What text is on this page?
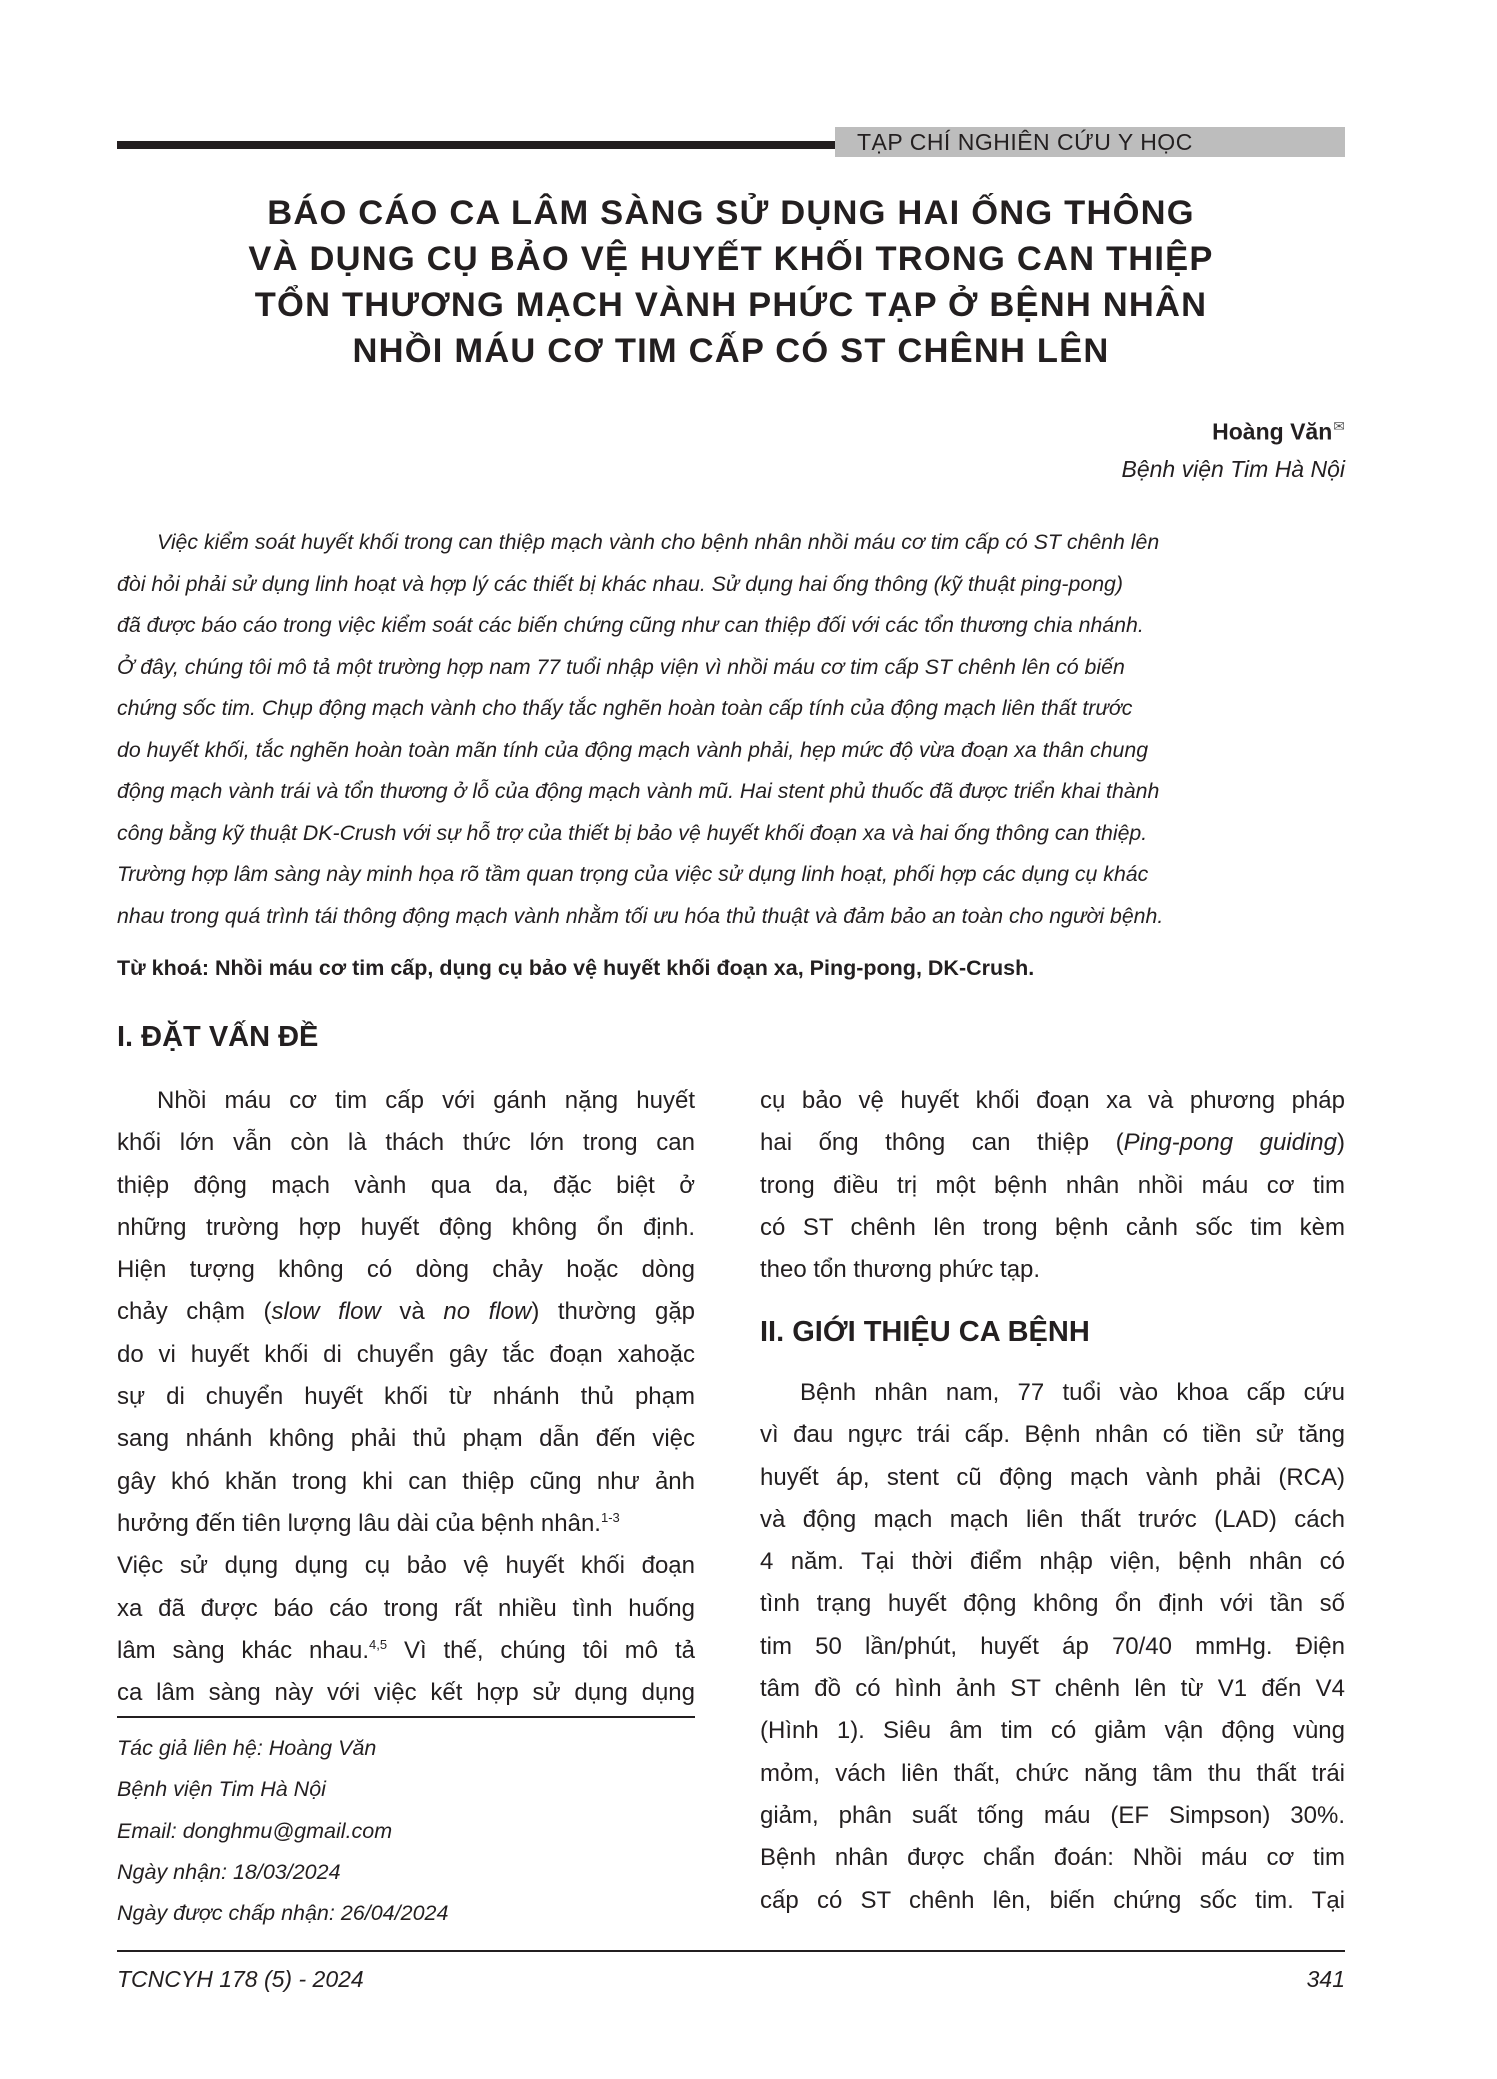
TẠP CHÍ NGHIÊN CỨU Y HỌC
BÁO CÁO CA LÂM SÀNG SỬ DỤNG HAI ỐNG THÔNG
VÀ DỤNG CỤ BẢO VỆ HUYẾT KHỐI TRONG CAN THIỆP
TỔN THƯƠNG MẠCH VÀNH PHỨC TẠP Ở BỆNH NHÂN
NHỒI MÁU CƠ TIM CẤP CÓ ST CHÊNH LÊN
Hoàng Văn✉
Bệnh viện Tim Hà Nội
Việc kiểm soát huyết khối trong can thiệp mạch vành cho bệnh nhân nhồi máu cơ tim cấp có ST chênh lên
đòi hỏi phải sử dụng linh hoạt và hợp lý các thiết bị khác nhau. Sử dụng hai ống thông (kỹ thuật ping-pong)
đã được báo cáo trong việc kiểm soát các biến chứng cũng như can thiệp đối với các tổn thương chia nhánh.
Ở đây, chúng tôi mô tả một trường hợp nam 77 tuổi nhập viện vì nhồi máu cơ tim cấp ST chênh lên có biến
chứng sốc tim. Chụp động mạch vành cho thấy tắc nghẽn hoàn toàn cấp tính của động mạch liên thất trước
do huyết khối, tắc nghẽn hoàn toàn mãn tính của động mạch vành phải, hẹp mức độ vừa đoạn xa thân chung
động mạch vành trái và tổn thương ở lỗ của động mạch vành mũ. Hai stent phủ thuốc đã được triển khai thành
công bằng kỹ thuật DK-Crush với sự hỗ trợ của thiết bị bảo vệ huyết khối đoạn xa và hai ống thông can thiệp.
Trường hợp lâm sàng này minh họa rõ tầm quan trọng của việc sử dụng linh hoạt, phối hợp các dụng cụ khác
nhau trong quá trình tái thông động mạch vành nhằm tối ưu hóa thủ thuật và đảm bảo an toàn cho người bệnh.
Từ khoá: Nhồi máu cơ tim cấp, dụng cụ bảo vệ huyết khối đoạn xa, Ping-pong, DK-Crush.
I. ĐẶT VẤN ĐỀ
Nhồi máu cơ tim cấp với gánh nặng huyết
khối lớn vẫn còn là thách thức lớn trong can
thiệp động mạch vành qua da, đặc biệt ở
những trường hợp huyết động không ổn định.
Hiện tượng không có dòng chảy hoặc dòng
chảy chậm (slow flow và no flow) thường gặp
do vi huyết khối di chuyển gây tắc đoạn xahoặc
sự di chuyển huyết khối từ nhánh thủ phạm
sang nhánh không phải thủ phạm dẫn đến việc
gây khó khăn trong khi can thiệp cũng như ảnh
hưởng đến tiên lượng lâu dài của bệnh nhân.$^{1-3}$
Việc sử dụng dụng cụ bảo vệ huyết khối đoạn
xa đã được báo cáo trong rất nhiều tình huống
lâm sàng khác nhau.$^{4,5}$ Vì thế, chúng tôi mô tả
ca lâm sàng này với việc kết hợp sử dụng dụng
Tác giả liên hệ: Hoàng Văn
Bệnh viện Tim Hà Nội
Email: donghmu@gmail.com
Ngày nhận: 18/03/2024
Ngày được chấp nhận: 26/04/2024
cụ bảo vệ huyết khối đoạn xa và phương pháp
hai ống thông can thiệp (Ping-pong guiding)
trong điều trị một bệnh nhân nhồi máu cơ tim
có ST chênh lên trong bệnh cảnh sốc tim kèm
theo tổn thương phức tạp.
II. GIỚI THIỆU CA BỆNH
Bệnh nhân nam, 77 tuổi vào khoa cấp cứu
vì đau ngực trái cấp. Bệnh nhân có tiền sử tăng
huyết áp, stent cũ động mạch vành phải (RCA)
và động mạch mạch liên thất trước (LAD) cách
4 năm. Tại thời điểm nhập viện, bệnh nhân có
tình trạng huyết động không ổn định với tần số
tim 50 lần/phút, huyết áp 70/40 mmHg. Điện
tâm đồ có hình ảnh ST chênh lên từ V1 đến V4
(Hình 1). Siêu âm tim có giảm vận động vùng
mỏm, vách liên thất, chức năng tâm thu thất trái
giảm, phân suất tống máu (EF Simpson) 30%.
Bệnh nhân được chẩn đoán: Nhồi máu cơ tim
cấp có ST chênh lên, biến chứng sốc tim. Tại
TCNCYH 178 (5) - 2024	341
